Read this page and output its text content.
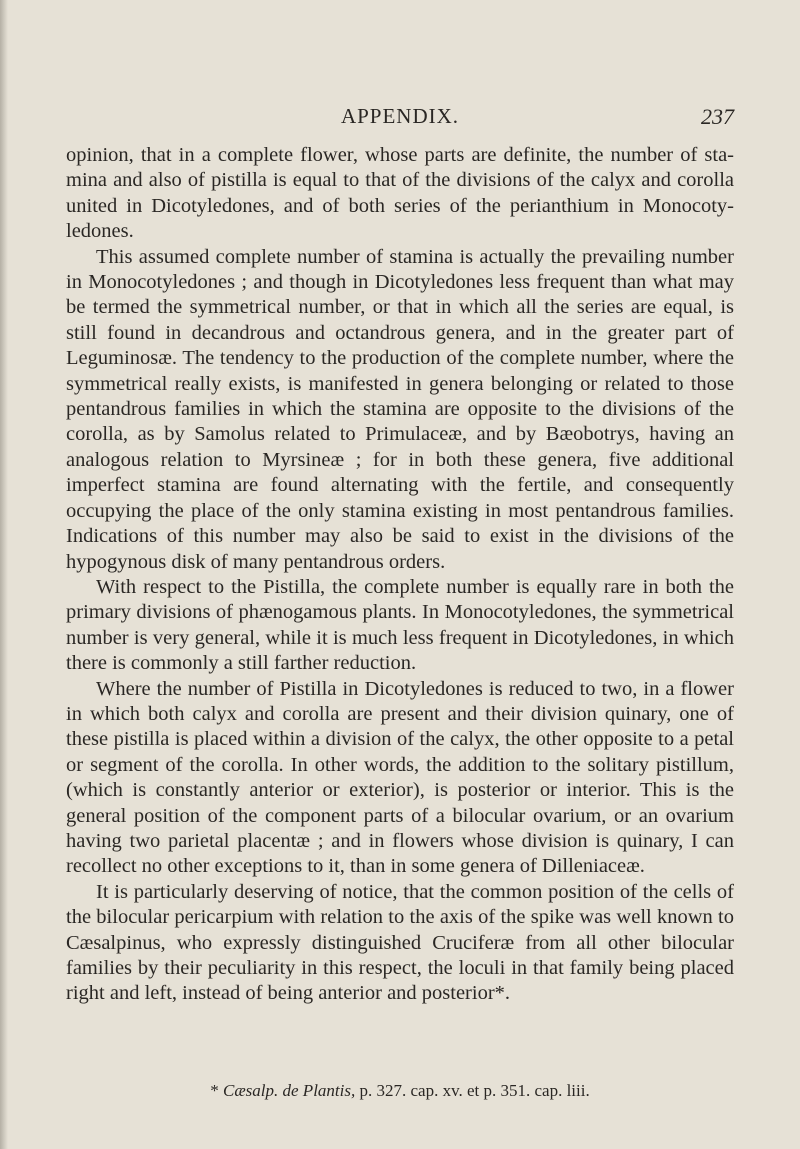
APPENDIX.	237

opinion, that in a complete flower, whose parts are definite, the number of stamina and also of pistilla is equal to that of the divisions of the calyx and corolla united in Dicotyledones, and of both series of the perianthium in Monocotyledones.

This assumed complete number of stamina is actually the prevailing number in Monocotyledones ; and though in Dicotyledones less frequent than what may be termed the symmetrical number, or that in which all the series are equal, is still found in decandrous and octandrous genera, and in the greater part of Leguminosæ. The tendency to the production of the complete number, where the symmetrical really exists, is manifested in genera belonging or related to those pentandrous families in which the stamina are opposite to the divisions of the corolla, as by Samolus related to Primulaceæ, and by Bæobotrys, having an analogous relation to Myrsineæ ; for in both these genera, five additional imperfect stamina are found alternating with the fertile, and consequently occupying the place of the only stamina existing in most pentandrous families. Indications of this number may also be said to exist in the divisions of the hypogynous disk of many pentandrous orders.

With respect to the Pistilla, the complete number is equally rare in both the primary divisions of phænogamous plants. In Monocotyledones, the symmetrical number is very general, while it is much less frequent in Dicotyledones, in which there is commonly a still farther reduction.

Where the number of Pistilla in Dicotyledones is reduced to two, in a flower in which both calyx and corolla are present and their division quinary, one of these pistilla is placed within a division of the calyx, the other opposite to a petal or segment of the corolla. In other words, the addition to the solitary pistillum, (which is constantly anterior or exterior), is posterior or interior. This is the general position of the component parts of a bilocular ovarium, or an ovarium having two parietal placentæ ; and in flowers whose division is quinary, I can recollect no other exceptions to it, than in some genera of Dilleniaceæ.

It is particularly deserving of notice, that the common position of the cells of the bilocular pericarpium with relation to the axis of the spike was well known to Cæsalpinus, who expressly distinguished Cruciferæ from all other bilocular families by their peculiarity in this respect, the loculi in that family being placed right and left, instead of being anterior and posterior*.

* Cæsalp. de Plantis, p. 327. cap. xv. et p. 351. cap. liii.
